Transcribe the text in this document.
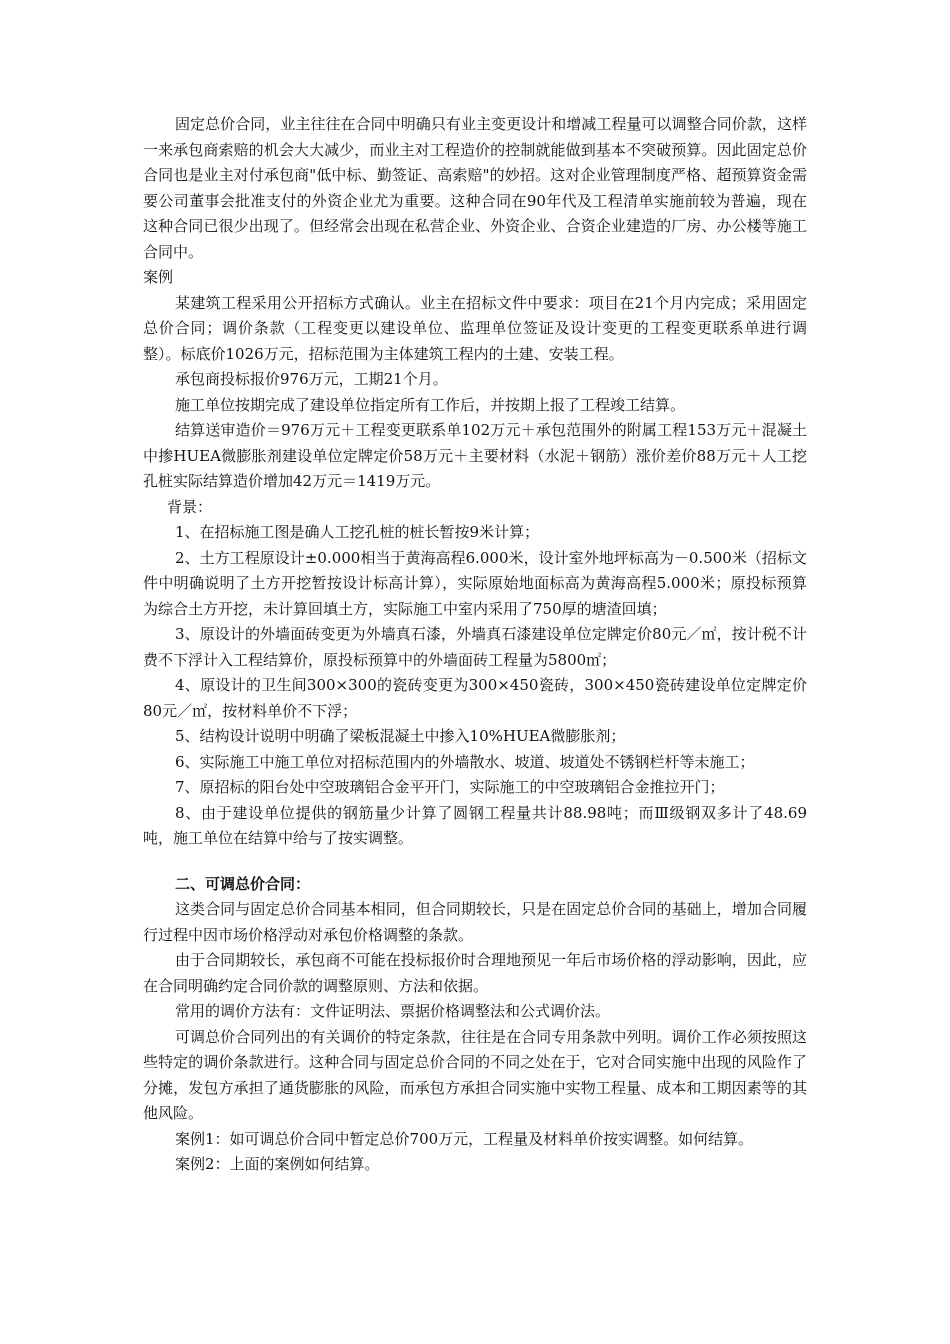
固定总价合同，业主往往在合同中明确只有业主变更设计和增减工程量可以调整合同价款，这样一来承包商索赔的机会大大减少，而业主对工程造价的控制就能做到基本不突破预算。因此固定总价合同也是业主对付承包商"低中标、勤签证、高索赔"的妙招。这对企业管理制度严格、超预算资金需要公司董事会批准支付的外资企业尤为重要。这种合同在90年代及工程清单实施前较为普遍，现在这种合同已很少出现了。但经常会出现在私营企业、外资企业、合资企业建造的厂房、办公楼等施工合同中。

案例

某建筑工程采用公开招标方式确认。业主在招标文件中要求：项目在21个月内完成；采用固定总价合同；调价条款（工程变更以建设单位、监理单位签证及设计变更的工程变更联系单进行调整）。标底价1026万元，招标范围为主体建筑工程内的土建、安装工程。

承包商投标报价976万元，工期21个月。

施工单位按期完成了建设单位指定所有工作后，并按期上报了工程竣工结算。

结算送审造价＝976万元＋工程变更联系单102万元＋承包范围外的附属工程153万元＋混凝土中掺HUEA微膨胀剂建设单位定牌定价58万元＋主要材料（水泥＋钢筋）涨价差价88万元＋人工挖孔桩实际结算造价增加42万元＝1419万元。

背景：

1、在招标施工图是确人工挖孔桩的桩长暂按9米计算；

2、土方工程原设计±0.000相当于黄海高程6.000米，设计室外地坪标高为－0.500米（招标文件中明确说明了土方开挖暂按设计标高计算），实际原始地面标高为黄海高程5.000米；原投标预算为综合土方开挖，未计算回填土方，实际施工中室内采用了750厚的塘渣回填；

3、原设计的外墙面砖变更为外墙真石漆，外墙真石漆建设单位定牌定价80元／㎡，按计税不计费不下浮计入工程结算价，原投标预算中的外墙面砖工程量为5800㎡；

4、原设计的卫生间300×300的瓷砖变更为300×450瓷砖，300×450瓷砖建设单位定牌定价80元／㎡，按材料单价不下浮；

5、结构设计说明中明确了梁板混凝土中掺入10%HUEA微膨胀剂；

6、实际施工中施工单位对招标范围内的外墙散水、坡道、坡道处不锈钢栏杆等未施工；

7、原招标的阳台处中空玻璃铝合金平开门，实际施工的中空玻璃铝合金推拉开门；

8、由于建设单位提供的钢筋量少计算了圆钢工程量共计88.98吨；而Ⅲ级钢双多计了48.69吨，施工单位在结算中给与了按实调整。

二、可调总价合同：

这类合同与固定总价合同基本相同，但合同期较长，只是在固定总价合同的基础上，增加合同履行过程中因市场价格浮动对承包价格调整的条款。

由于合同期较长，承包商不可能在投标报价时合理地预见一年后市场价格的浮动影响，因此，应在合同明确约定合同价款的调整原则、方法和依据。

常用的调价方法有：文件证明法、票据价格调整法和公式调价法。

可调总价合同列出的有关调价的特定条款，往往是在合同专用条款中列明。调价工作必须按照这些特定的调价条款进行。这种合同与固定总价合同的不同之处在于，它对合同实施中出现的风险作了分摊，发包方承担了通货膨胀的风险，而承包方承担合同实施中实物工程量、成本和工期因素等的其他风险。

案例1：如可调总价合同中暂定总价700万元，工程量及材料单价按实调整。如何结算。

案例2：上面的案例如何结算。
